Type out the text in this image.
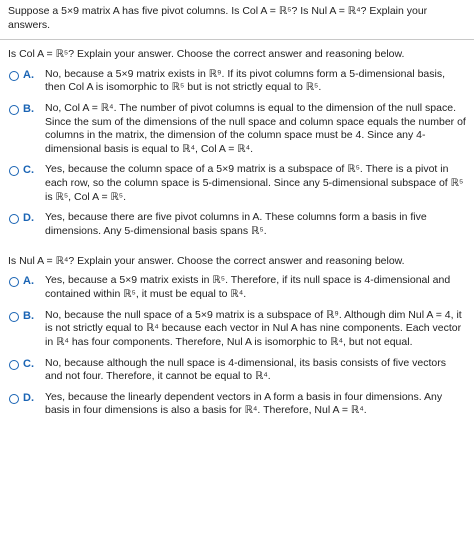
Suppose a 5×9 matrix A has five pivot columns. Is Col A = ℝ⁵? Is Nul A = ℝ⁴? Explain your answers.
Is Col A = ℝ⁵? Explain your answer. Choose the correct answer and reasoning below.
A.	No, because a 5×9 matrix exists in ℝ⁹. If its pivot columns form a 5-dimensional basis, then Col A is isomorphic to ℝ⁵ but is not strictly equal to ℝ⁵.
B.	No, Col A = ℝ⁴. The number of pivot columns is equal to the dimension of the null space. Since the sum of the dimensions of the null space and column space equals the number of columns in the matrix, the dimension of the column space must be 4. Since any 4-dimensional basis is equal to ℝ⁴, Col A = ℝ⁴.
C.	Yes, because the column space of a 5×9 matrix is a subspace of ℝ⁵. There is a pivot in each row, so the column space is 5-dimensional. Since any 5-dimensional subspace of ℝ⁵ is ℝ⁵, Col A = ℝ⁵.
D.	Yes, because there are five pivot columns in A. These columns form a basis in five dimensions. Any 5-dimensional basis spans ℝ⁵.
Is Nul A = ℝ⁴? Explain your answer. Choose the correct answer and reasoning below.
A.	Yes, because a 5×9 matrix exists in ℝ⁵. Therefore, if its null space is 4-dimensional and contained within ℝ⁵, it must be equal to ℝ⁴.
B.	No, because the null space of a 5×9 matrix is a subspace of ℝ⁹. Although dim Nul A = 4, it is not strictly equal to ℝ⁴ because each vector in Nul A has nine components. Each vector in ℝ⁴ has four components. Therefore, Nul A is isomorphic to ℝ⁴, but not equal.
C.	No, because although the null space is 4-dimensional, its basis consists of five vectors and not four. Therefore, it cannot be equal to ℝ⁴.
D.	Yes, because the linearly dependent vectors in A form a basis in four dimensions. Any basis in four dimensions is also a basis for ℝ⁴. Therefore, Nul A = ℝ⁴.
